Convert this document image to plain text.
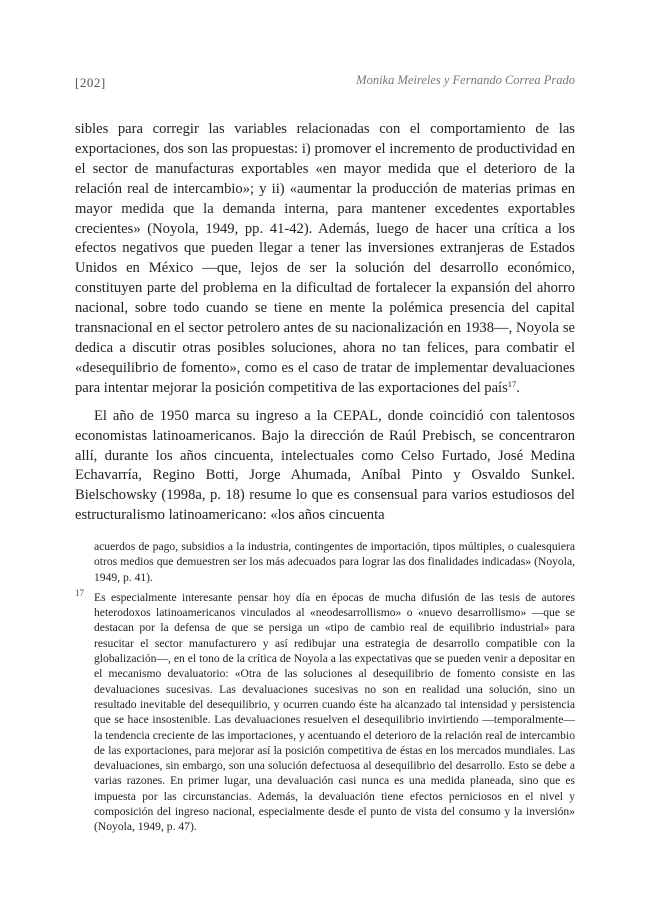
[202]	Monika Meireles y Fernando Correa Prado

sibles para corregir las variables relacionadas con el comportamiento de las exportaciones, dos son las propuestas: i) promover el incremento de productividad en el sector de manufacturas exportables «en mayor medida que el deterioro de la relación real de intercambio»; y ii) «aumentar la producción de materias primas en mayor medida que la demanda interna, para mantener excedentes exportables crecientes» (Noyola, 1949, pp. 41-42). Además, luego de hacer una crítica a los efectos negativos que pueden llegar a tener las inversiones extranjeras de Estados Unidos en México —que, lejos de ser la solución del desarrollo económico, constituyen parte del problema en la dificultad de fortalecer la expansión del ahorro nacional, sobre todo cuando se tiene en mente la polémica presencia del capital transnacional en el sector petrolero antes de su nacionalización en 1938—, Noyola se dedica a discutir otras posibles soluciones, ahora no tan felices, para combatir el «desequilibrio de fomento», como es el caso de tratar de implementar devaluaciones para intentar mejorar la posición competitiva de las exportaciones del país$^{17}$.

El año de 1950 marca su ingreso a la CEPAL, donde coincidió con talentosos economistas latinoamericanos. Bajo la dirección de Raúl Prebisch, se concentraron allí, durante los años cincuenta, intelectuales como Celso Furtado, José Medina Echavarría, Regino Botti, Jorge Ahumada, Aníbal Pinto y Osvaldo Sunkel. Bielschowsky (1998a, p. 18) resume lo que es consensual para varios estudiosos del estructuralismo latinoamericano: «los años cincuenta

acuerdos de pago, subsidios a la industria, contingentes de importación, tipos múltiples, o cualesquiera otros medios que demuestren ser los más adecuados para lograr las dos finalidades indicadas» (Noyola, 1949, p. 41).

17 Es especialmente interesante pensar hoy día en épocas de mucha difusión de las tesis de autores heterodoxos latinoamericanos vinculados al «neodesarrollismo» o «nuevo desarrollismo» —que se destacan por la defensa de que se persiga un «tipo de cambio real de equilibrio industrial» para resucitar el sector manufacturero y así redibujar una estrategia de desarrollo compatible con la globalización—, en el tono de la crítica de Noyola a las expectativas que se pueden venir a depositar en el mecanismo devaluatorio: «Otra de las soluciones al desequilibrio de fomento consiste en las devaluaciones sucesivas. Las devaluaciones sucesivas no son en realidad una solución, sino un resultado inevitable del desequilibrio, y ocurren cuando éste ha alcanzado tal intensidad y persistencia que se hace insostenible. Las devaluaciones resuelven el desequilibrio invirtiendo —temporalmente— la tendencia creciente de las importaciones, y acentuando el deterioro de la relación real de intercambio de las exportaciones, para mejorar así la posición competitiva de éstas en los mercados mundiales. Las devaluaciones, sin embargo, son una solución defectuosa al desequilibrio del desarrollo. Esto se debe a varias razones. En primer lugar, una devaluación casi nunca es una medida planeada, sino que es impuesta por las circunstancias. Además, la devaluación tiene efectos perniciosos en el nivel y composición del ingreso nacional, especialmente desde el punto de vista del consumo y la inversión» (Noyola, 1949, p. 47).
